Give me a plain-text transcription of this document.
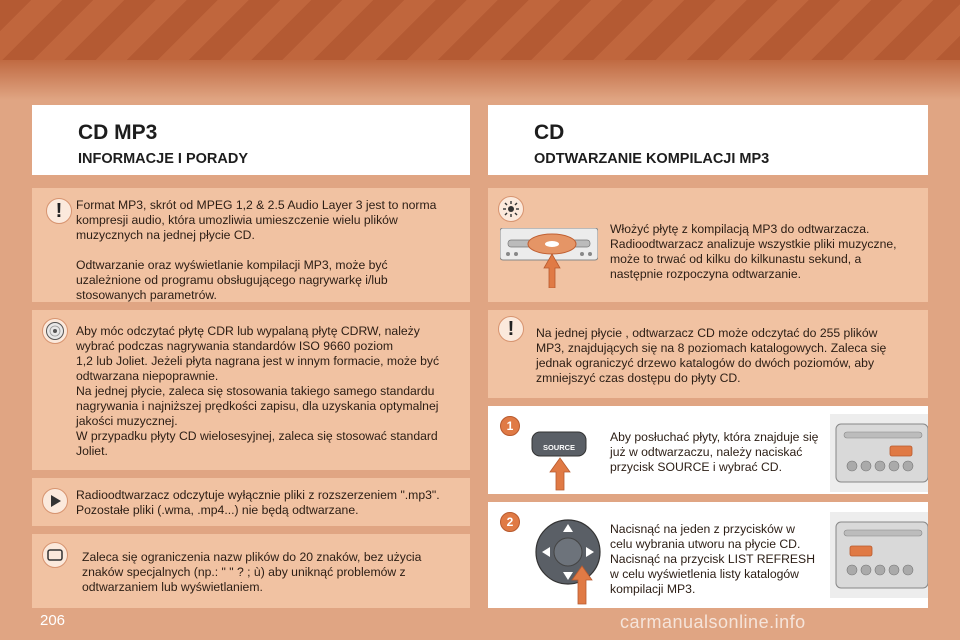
CD MP3
INFORMACJE I PORADY
CD
ODTWARZANIE KOMPILACJI MP3
!	Format MP3, skrót od MPEG 1,2 & 2.5 Audio Layer 3 jest to norma
kompresji audio, która umozliwia umieszczenie wielu plików
muzycznych na jednej płycie CD.

Odtwarzanie oraz wyświetlanie kompilacji MP3, może być
uzależnione od programu obsługującego nagrywarkę i/lub
stosowanych parametrów.

Aby móc odczytać płytę CDR lub wypalaną płytę CDRW, należy
wybrać podczas nagrywania standardów ISO 9660 poziom
1,2 lub Joliet. Jeżeli płyta nagrana jest w innym formacie, może być
odtwarzana niepoprawnie.
Na jednej płycie, zaleca się stosowania takiego samego standardu
nagrywania i najniższej prędkości zapisu, dla uzyskania optymalnej
jakości muzycznej.
W przypadku płyty CD wielosesyjnej, zaleca się stosować standard
Joliet.

Radioodtwarzacz odczytuje wyłącznie pliki z rozszerzeniem ".mp3".
Pozostałe pliki (.wma, .mp4...) nie będą odtwarzane.

Zaleca się ograniczenia nazw plików do 20 znaków, bez użycia
znaków specjalnych (np.: " " ? ; ù) aby uniknąć problemów z
odtwarzaniem lub wyświetlaniem.

Włożyć płytę z kompilacją MP3 do odtwarzacza.
Radioodtwarzacz analizuje wszystkie pliki muzyczne,
może to trwać od kilku do kilkunastu sekund, a
następnie rozpoczyna odtwarzanie.

!	Na jednej płycie , odtwarzacz CD może odczytać do 255 plików
MP3, znajdujących się na 8 poziomach katalogowych. Zaleca się
jednak ograniczyć drzewo katalogów do dwóch poziomów, aby
zmniejszyć czas dostępu do płyty CD.

1
SOURCE

Aby posłuchać płyty, która znajduje się
już w odtwarzaczu, należy naciskać
przycisk SOURCE i wybrać CD.

2

Nacisnąć na jeden z przycisków w
celu wybrania utworu na płycie CD.
Nacisnąć na przycisk LIST REFRESH
w celu wyświetlenia listy katalogów
kompilacji MP3.

206	carmanualsonline.info
